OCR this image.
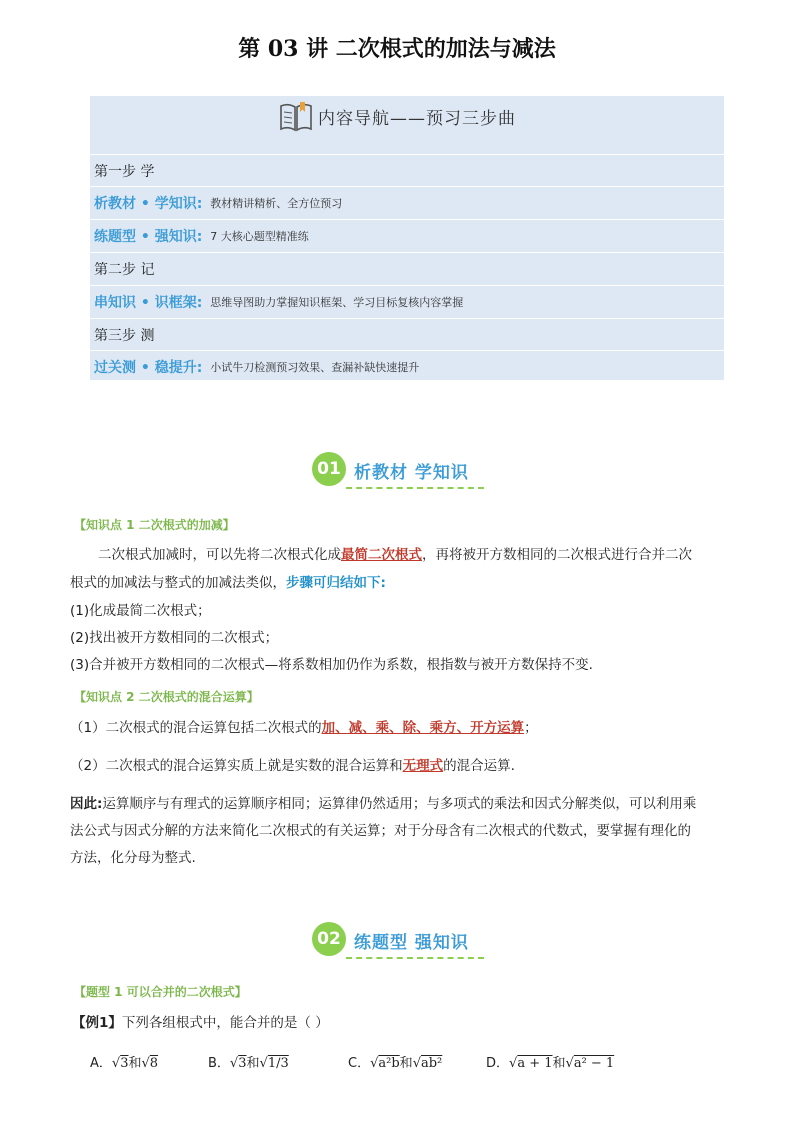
第 03 讲 二次根式的加法与减法
内容导航——预习三步曲
第一步 学
析教材 • 学知识: 教材精讲精析、全方位预习
练题型 • 强知识: 7 大核心题型精准练
第二步 记
串知识 • 识框架: 思维导图助力掌握知识框架、学习目标复核内容掌握
第三步 测
过关测 • 稳提升: 小试牛刀检测预习效果、查漏补缺快速提升
01 析教材 学知识
【知识点 1 二次根式的加减】
二次根式加减时，可以先将二次根式化成最简二次根式，再将被开方数相同的二次根式进行合并二次
根式的加减法与整式的加减法类似，步骤可归结如下:
(1)化成最简二次根式；
(2)找出被开方数相同的二次根式；
(3)合并被开方数相同的二次根式—将系数相加仍作为系数，根指数与被开方数保持不变.
【知识点 2 二次根式的混合运算】
（1）二次根式的混合运算包括二次根式的加、减、乘、除、乘方、开方运算；
（2）二次根式的混合运算实质上就是实数的混合运算和无理式的混合运算.
因此:运算顺序与有理式的运算顺序相同；运算律仍然适用；与多项式的乘法和因式分解类似，可以利用乘
法公式与因式分解的方法来简化二次根式的有关运算；对于分母含有二次根式的代数式，要掌握有理化的
方法，化分母为整式.
02 练题型 强知识
【题型 1 可以合并的二次根式】
【例1】下列各组根式中，能合并的是（ ）
A．√3和√8	B．√3和√1/3	C．√a²b和√ab²	D．√a + 1和√a² − 1
